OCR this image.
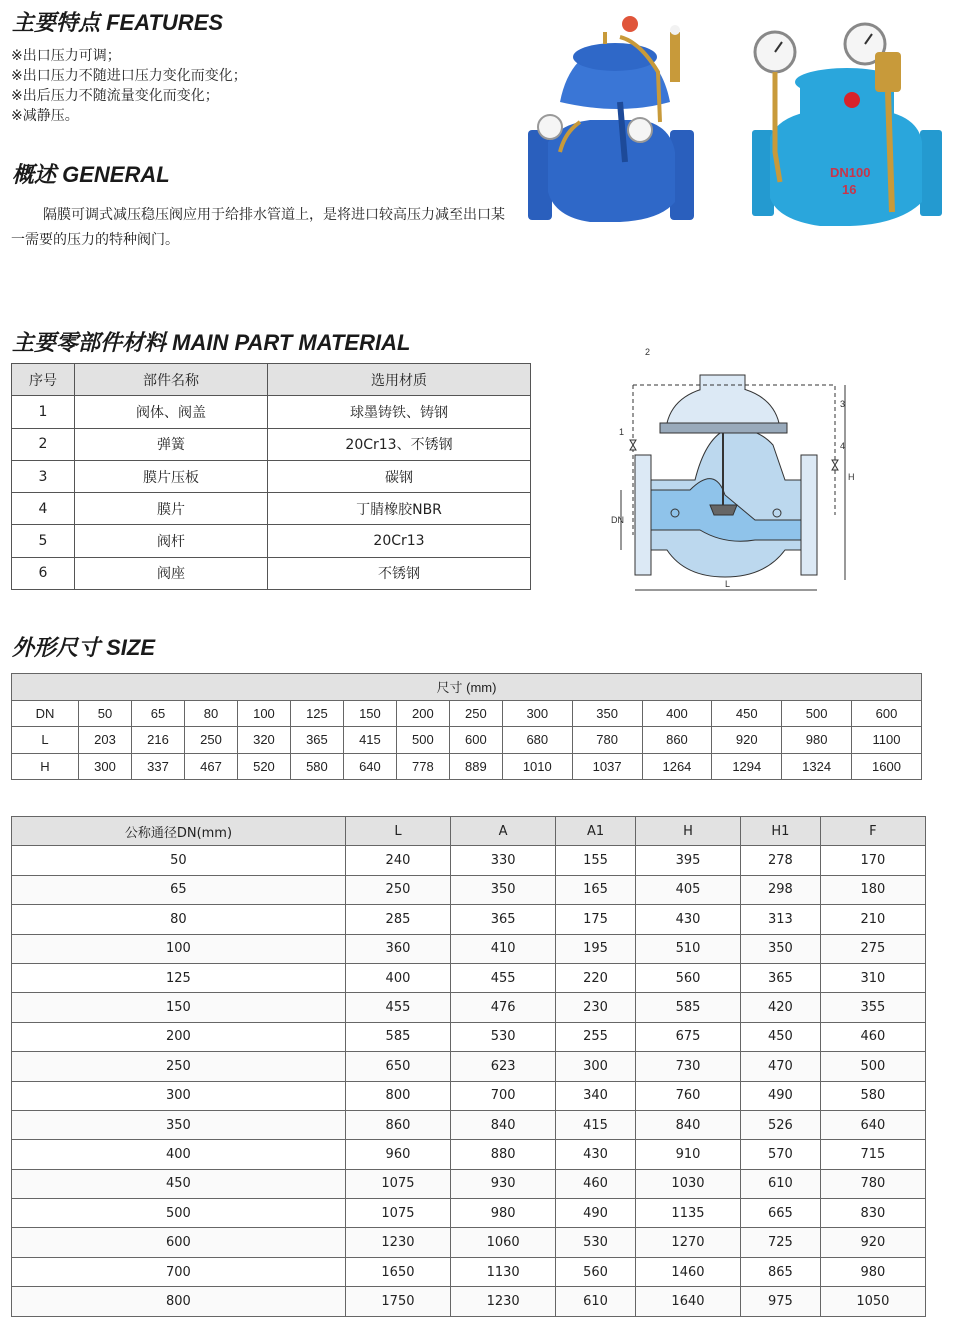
主要特点 FEATURES
※出口压力可调；
※出口压力不随进口压力变化而变化；
※出后压力不随流量变化而变化；
※减静压。
概述 GENERAL
隔膜可调式减压稳压阀应用于给排水管道上，是将进口较高压力减至出口某一需要的压力的特种阀门。
DN100
16
主要零部件材料 MAIN PART MATERIAL
序号	部件名称	选用材质
1	阀体、阀盖	球墨铸铁、铸钢
2	弹簧	20Cr13、不锈钢
3	膜片压板	碳钢
4	膜片	丁腈橡胶NBR
5	阀杆	20Cr13
6	阀座	不锈钢
2
1
3
4
DN
H
L
外形尺寸 SIZE
尺寸 (mm)														
DN	50	65	80	100	125	150	200	250	300	350	400	450	500	600
L	203	216	250	320	365	415	500	600	680	780	860	920	980	1100
H	300	337	467	520	580	640	778	889	1010	1037	1264	1294	1324	1600
公称通径DN(mm)	L	A	A1	H	H1	F
50	240	330	155	395	278	170
65	250	350	165	405	298	180
80	285	365	175	430	313	210
100	360	410	195	510	350	275
125	400	455	220	560	365	310
150	455	476	230	585	420	355
200	585	530	255	675	450	460
250	650	623	300	730	470	500
300	800	700	340	760	490	580
350	860	840	415	840	526	640
400	960	880	430	910	570	715
450	1075	930	460	1030	610	780
500	1075	980	490	1135	665	830
600	1230	1060	530	1270	725	920
700	1650	1130	560	1460	865	980
800	1750	1230	610	1640	975	1050
